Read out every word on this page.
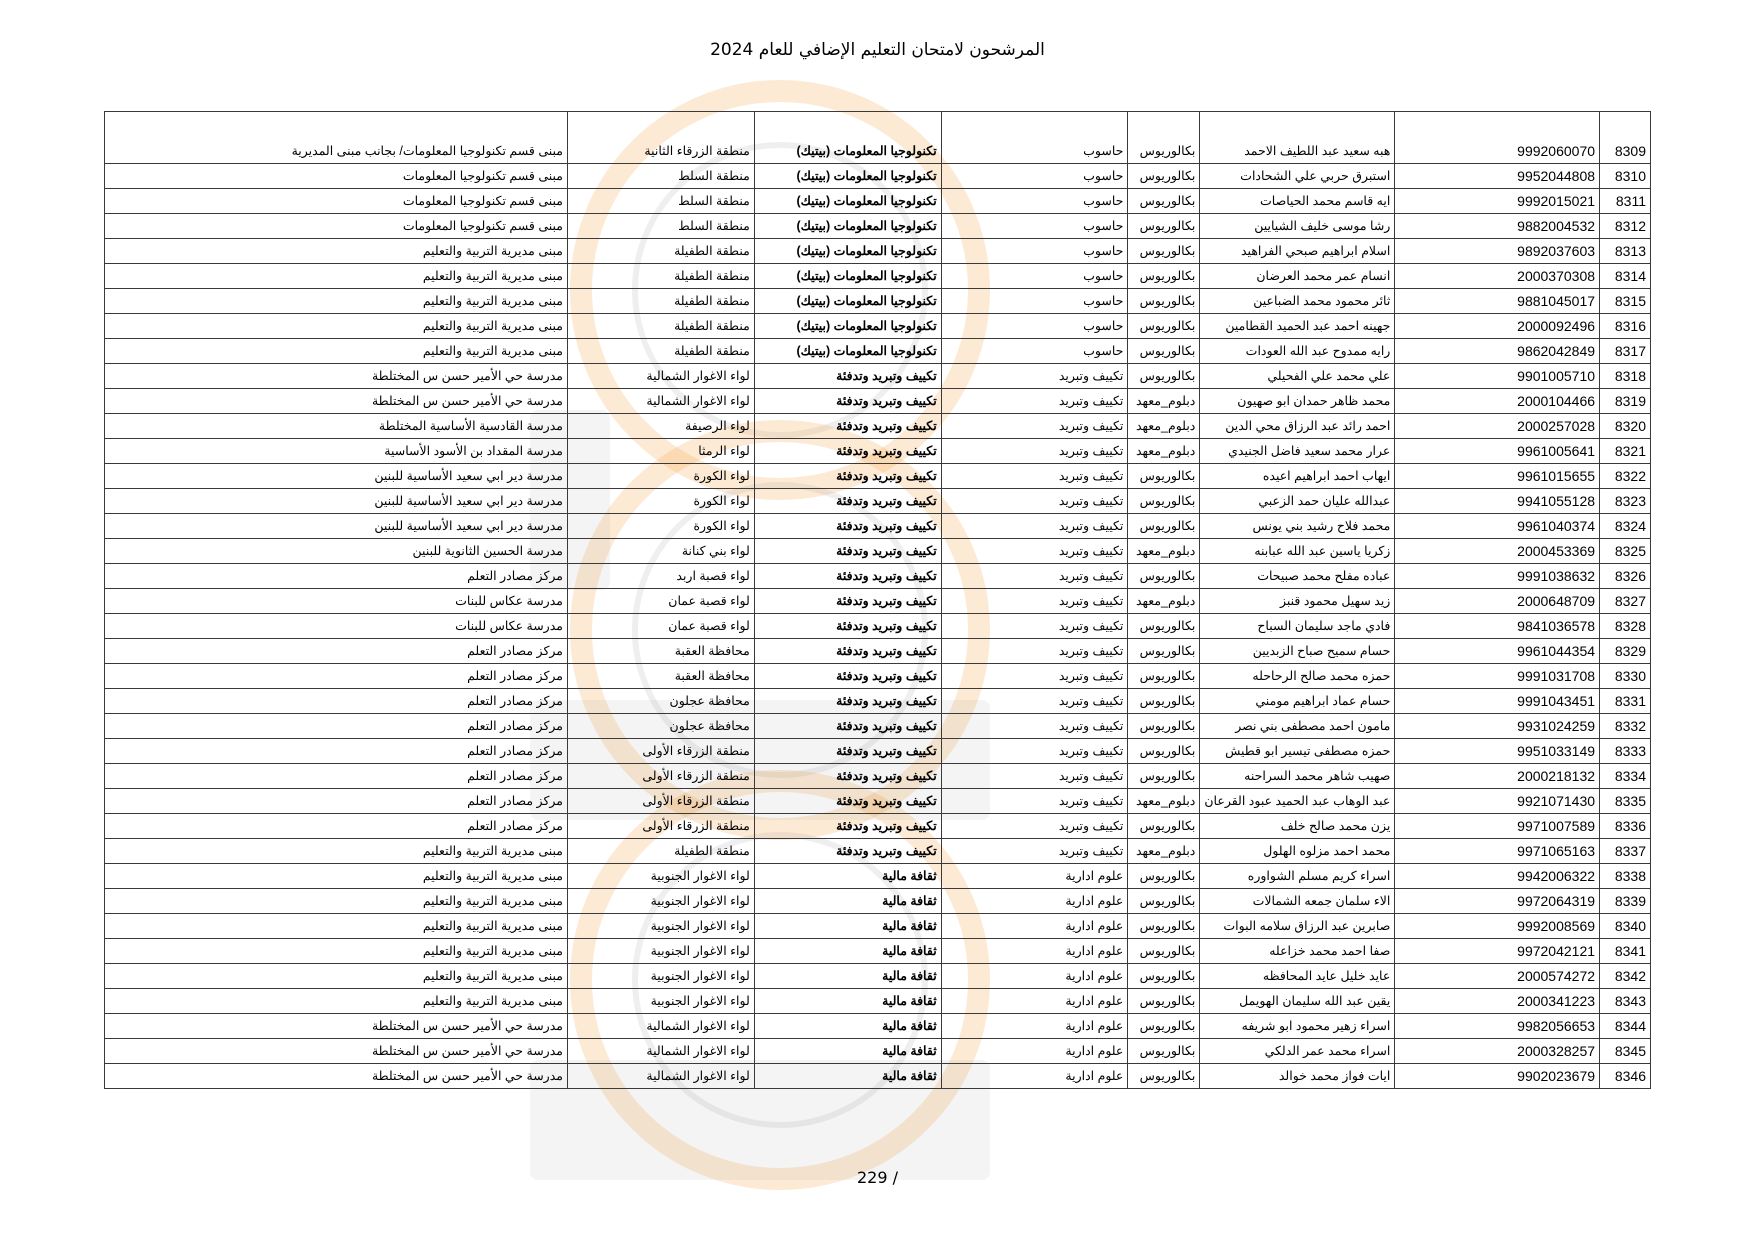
المرشحون لامتحان التعليم الإضافي للعام 2024
8309	9992060070	هبه سعيد عبد اللطيف الاحمد	بكالوريوس	حاسوب	تكنولوجيا المعلومات (بيتيك)	منطقة الزرقاء الثانية	مبنى قسم تكنولوجيا المعلومات/ بجانب مبنى المديرية
8310	9952044808	استبرق حربي علي الشحادات	بكالوريوس	حاسوب	تكنولوجيا المعلومات (بيتيك)	منطقة السلط	مبنى قسم تكنولوجيا المعلومات
8311	9992015021	ايه قاسم محمد الحياصات	بكالوريوس	حاسوب	تكنولوجيا المعلومات (بيتيك)	منطقة السلط	مبنى قسم تكنولوجيا المعلومات
8312	9882004532	رشا موسى خليف الشيايين	بكالوريوس	حاسوب	تكنولوجيا المعلومات (بيتيك)	منطقة السلط	مبنى قسم تكنولوجيا المعلومات
8313	9892037603	اسلام ابراهيم صبحي الفراهيد	بكالوريوس	حاسوب	تكنولوجيا المعلومات (بيتيك)	منطقة الطفيلة	مبنى مديرية التربية والتعليم
8314	2000370308	انسام عمر محمد العرضان	بكالوريوس	حاسوب	تكنولوجيا المعلومات (بيتيك)	منطقة الطفيلة	مبنى مديرية التربية والتعليم
8315	9881045017	ثائر محمود محمد الضباعين	بكالوريوس	حاسوب	تكنولوجيا المعلومات (بيتيك)	منطقة الطفيلة	مبنى مديرية التربية والتعليم
8316	2000092496	جهينه احمد عبد الحميد القطامين	بكالوريوس	حاسوب	تكنولوجيا المعلومات (بيتيك)	منطقة الطفيلة	مبنى مديرية التربية والتعليم
8317	9862042849	رايه ممدوح عبد الله العودات	بكالوريوس	حاسوب	تكنولوجيا المعلومات (بيتيك)	منطقة الطفيلة	مبنى مديرية التربية والتعليم
8318	9901005710	علي محمد علي الفحيلي	بكالوريوس	تكييف وتبريد	تكييف وتبريد وتدفئة	لواء الاغوار الشمالية	مدرسة حي الأمير حسن س المختلطة
8319	2000104466	محمد ظاهر حمدان ابو صهيون	دبلوم_معهد	تكييف وتبريد	تكييف وتبريد وتدفئة	لواء الاغوار الشمالية	مدرسة حي الأمير حسن س المختلطة
8320	2000257028	احمد رائد عبد الرزاق محي الدين	دبلوم_معهد	تكييف وتبريد	تكييف وتبريد وتدفئة	لواء الرصيفة	مدرسة القادسية الأساسية المختلطة
8321	9961005641	عرار محمد سعيد فاضل الجنيدي	دبلوم_معهد	تكييف وتبريد	تكييف وتبريد وتدفئة	لواء الرمثا	مدرسة المقداد بن الأسود الأساسية
8322	9961015655	ايهاب احمد ابراهيم اعيده	بكالوريوس	تكييف وتبريد	تكييف وتبريد وتدفئة	لواء الكورة	مدرسة دير ابي سعيد الأساسية للبنين
8323	9941055128	عبدالله عليان حمد الزعبي	بكالوريوس	تكييف وتبريد	تكييف وتبريد وتدفئة	لواء الكورة	مدرسة دير ابي سعيد الأساسية للبنين
8324	9961040374	محمد فلاح رشيد بني يونس	بكالوريوس	تكييف وتبريد	تكييف وتبريد وتدفئة	لواء الكورة	مدرسة دير ابي سعيد الأساسية للبنين
8325	2000453369	زكريا ياسين عبد الله عبابنه	دبلوم_معهد	تكييف وتبريد	تكييف وتبريد وتدفئة	لواء بني كنانة	مدرسة الحسين الثانوية للبنين
8326	9991038632	عباده مفلح محمد صبيحات	بكالوريوس	تكييف وتبريد	تكييف وتبريد وتدفئة	لواء قصبة اربد	مركز مصادر التعلم
8327	2000648709	زيد سهيل محمود قنبز	دبلوم_معهد	تكييف وتبريد	تكييف وتبريد وتدفئة	لواء قصبة عمان	مدرسة عكاس للبنات
8328	9841036578	فادي ماجد سليمان السباح	بكالوريوس	تكييف وتبريد	تكييف وتبريد وتدفئة	لواء قصبة عمان	مدرسة عكاس للبنات
8329	9961044354	حسام سميح صباح الزبديين	بكالوريوس	تكييف وتبريد	تكييف وتبريد وتدفئة	محافظة العقبة	مركز مصادر التعلم
8330	9991031708	حمزه محمد صالح الرحاحله	بكالوريوس	تكييف وتبريد	تكييف وتبريد وتدفئة	محافظة العقبة	مركز مصادر التعلم
8331	9991043451	حسام عماد ابراهيم مومني	بكالوريوس	تكييف وتبريد	تكييف وتبريد وتدفئة	محافظة عجلون	مركز مصادر التعلم
8332	9931024259	مامون احمد مصطفى بني نصر	بكالوريوس	تكييف وتبريد	تكييف وتبريد وتدفئة	محافظة عجلون	مركز مصادر التعلم
8333	9951033149	حمزه مصطفى تيسير ابو قطيش	بكالوريوس	تكييف وتبريد	تكييف وتبريد وتدفئة	منطقة الزرقاء الأولى	مركز مصادر التعلم
8334	2000218132	صهيب شاهر محمد السراحنه	بكالوريوس	تكييف وتبريد	تكييف وتبريد وتدفئة	منطقة الزرقاء الأولى	مركز مصادر التعلم
8335	9921071430	عبد الوهاب عبد الحميد عبود القرعان	دبلوم_معهد	تكييف وتبريد	تكييف وتبريد وتدفئة	منطقة الزرقاء الأولى	مركز مصادر التعلم
8336	9971007589	يزن محمد صالح خلف	بكالوريوس	تكييف وتبريد	تكييف وتبريد وتدفئة	منطقة الزرقاء الأولى	مركز مصادر التعلم
8337	9971065163	محمد احمد مزلوه الهلول	دبلوم_معهد	تكييف وتبريد	تكييف وتبريد وتدفئة	منطقة الطفيلة	مبنى مديرية التربية والتعليم
8338	9942006322	اسراء كريم مسلم الشواوره	بكالوريوس	علوم ادارية	ثقافة مالية	لواء الاغوار الجنوبية	مبنى مديرية التربية والتعليم
8339	9972064319	الاء سلمان جمعه الشمالات	بكالوريوس	علوم ادارية	ثقافة مالية	لواء الاغوار الجنوبية	مبنى مديرية التربية والتعليم
8340	9992008569	صابرين عبد الرزاق سلامه البوات	بكالوريوس	علوم ادارية	ثقافة مالية	لواء الاغوار الجنوبية	مبنى مديرية التربية والتعليم
8341	9972042121	صفا احمد محمد خزاعله	بكالوريوس	علوم ادارية	ثقافة مالية	لواء الاغوار الجنوبية	مبنى مديرية التربية والتعليم
8342	2000574272	عايد خليل عايد المحافظه	بكالوريوس	علوم ادارية	ثقافة مالية	لواء الاغوار الجنوبية	مبنى مديرية التربية والتعليم
8343	2000341223	يقين عبد الله سليمان الهويمل	بكالوريوس	علوم ادارية	ثقافة مالية	لواء الاغوار الجنوبية	مبنى مديرية التربية والتعليم
8344	9982056653	اسراء زهير محمود ابو شريفه	بكالوريوس	علوم ادارية	ثقافة مالية	لواء الاغوار الشمالية	مدرسة حي الأمير حسن س المختلطة
8345	2000328257	اسراء محمد عمر الدلكي	بكالوريوس	علوم ادارية	ثقافة مالية	لواء الاغوار الشمالية	مدرسة حي الأمير حسن س المختلطة
8346	9902023679	ايات فواز محمد خوالد	بكالوريوس	علوم ادارية	ثقافة مالية	لواء الاغوار الشمالية	مدرسة حي الأمير حسن س المختلطة
229 /
